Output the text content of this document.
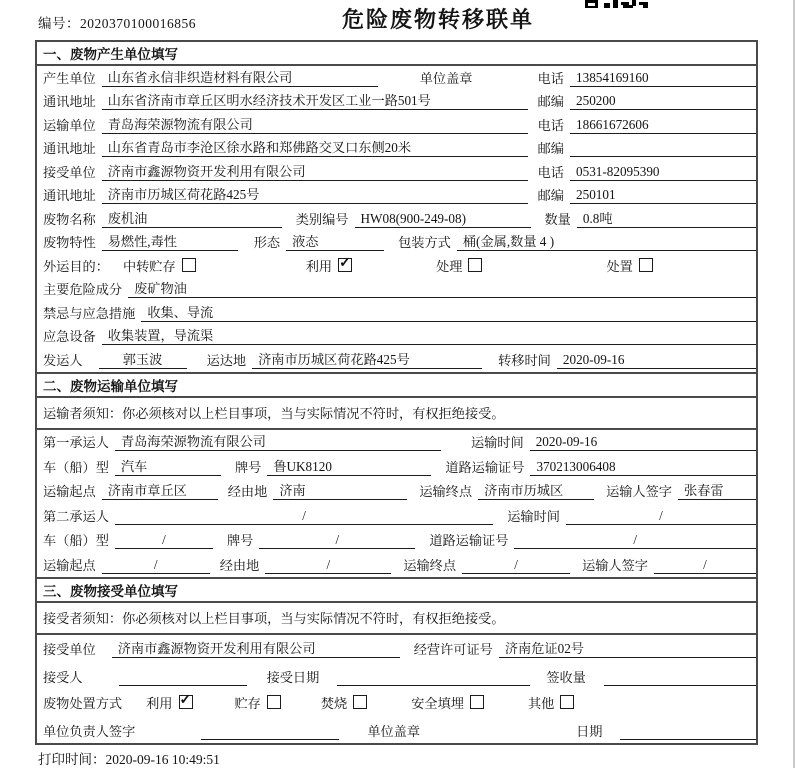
编号：2020370100016856	危险废物转移联单
一、废物产生单位填写
产生单位 山东省永信非织造材料有限公司	单位盖章	电话 13854169160
通讯地址 山东省济南市章丘区明水经济技术开发区工业一路501号	邮编 250200
运输单位 青岛海荣源物流有限公司	电话 18661672606
通讯地址 山东省青岛市李沧区徐水路和郑佛路交叉口东侧20米	邮编
接受单位 济南市鑫源物资开发利用有限公司	电话 0531-82095390
通讯地址 济南市历城区荷花路425号	邮编 250101
废物名称 废机油	类别编号 HW08(900-249-08)	数量 0.8吨
废物特性 易燃性,毒性	形态 液态	包装方式 桶(金属,数量 4 )
外运目的： 中转贮存	利用 ✓	处理	处置
主要危险成分 废矿物油
禁忌与应急措施 收集、导流
应急设备 收集装置，导流渠
发运人	郭玉波	运达地 济南市历城区荷花路425号	转移时间 2020-09-16
二、废物运输单位填写
运输者须知：你必须核对以上栏目事项，当与实际情况不符时，有权拒绝接受。
第一承运人 青岛海荣源物流有限公司	运输时间 2020-09-16
车（船）型 汽车	牌号 鲁UK8120	道路运输证号 370213006408
运输起点 济南市章丘区	经由地 济南	运输终点 济南市历城区	运输人签字 张春雷
第二承运人	/	运输时间	/
车（船）型	/	牌号	/	道路运输证号	/
运输起点	/	经由地	/	运输终点	/	运输人签字	/
三、废物接受单位填写
接受者须知：你必须核对以上栏目事项，当与实际情况不符时，有权拒绝接受。
接受单位	济南市鑫源物资开发利用有限公司	经营许可证号 济南危证02号
接受人	接受日期	签收量
废物处置方式 利用 ✓	贮存	焚烧	安全填埋	其他
单位负责人签字	单位盖章	日期
打印时间：2020-09-16 10:49:51
